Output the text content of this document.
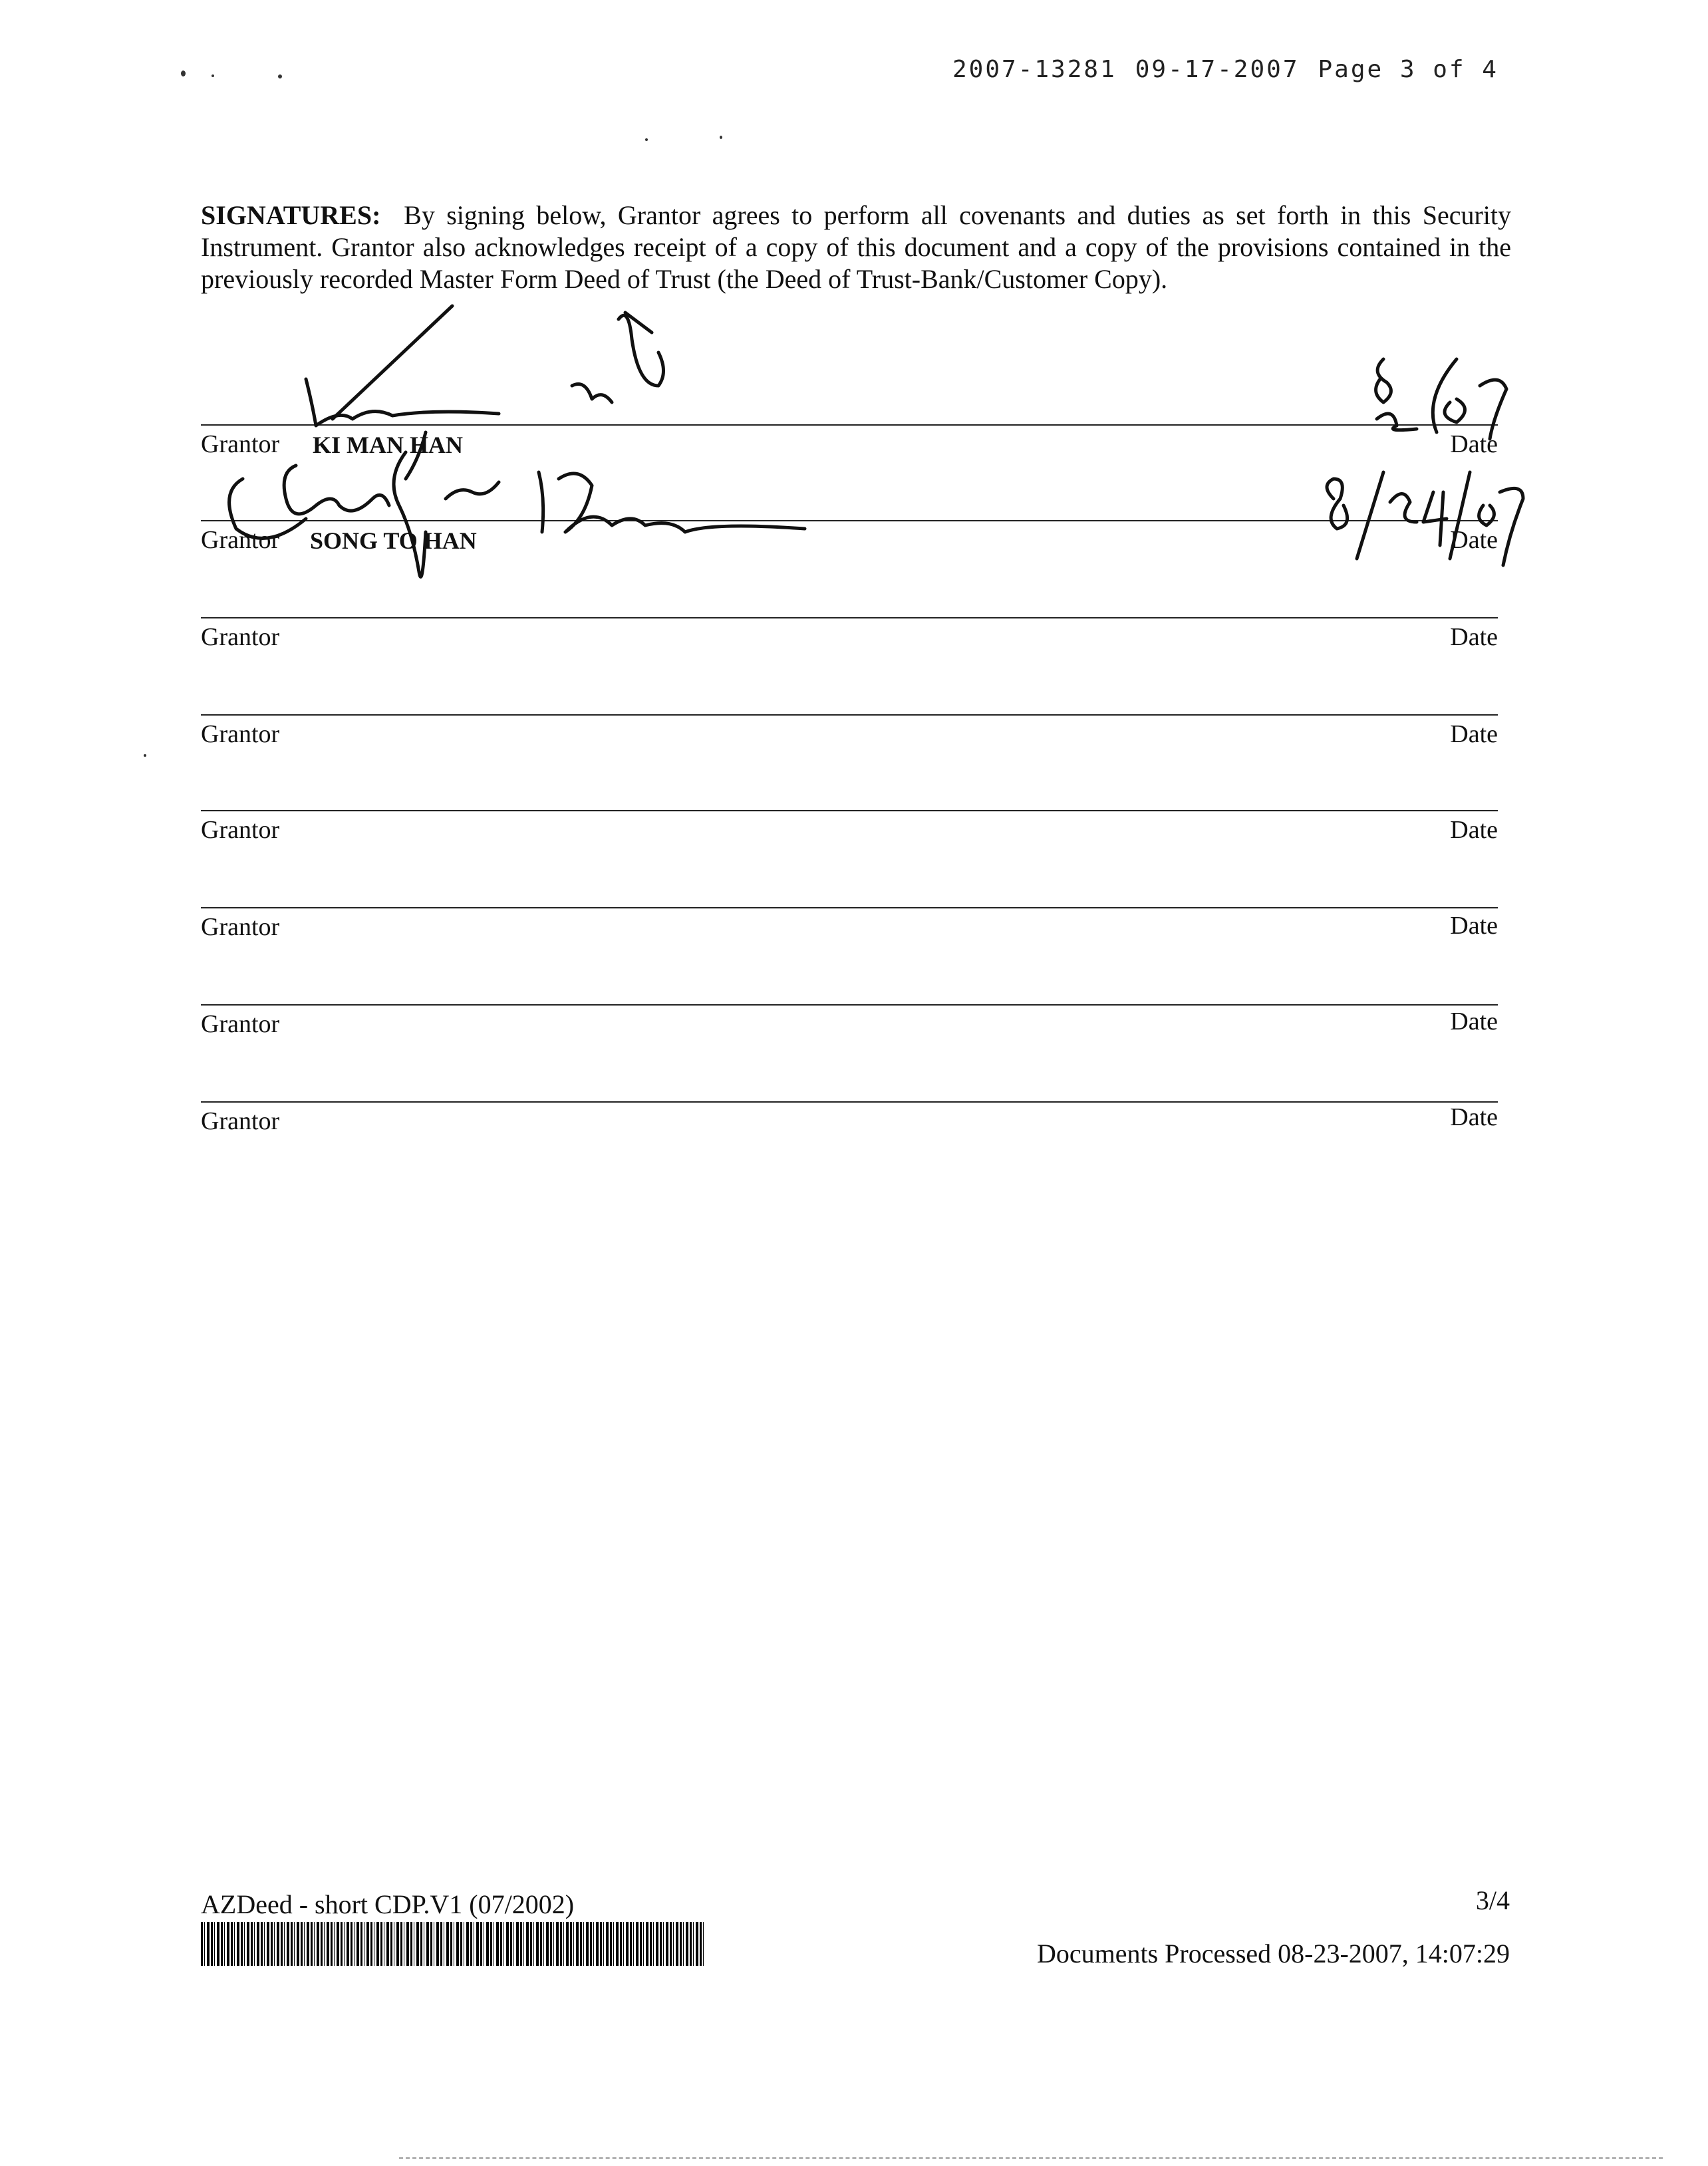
2007-13281 09-17-2007 Page 3 of 4
SIGNATURES: By signing below, Grantor agrees to perform all covenants and duties as set forth in this Security Instrument. Grantor also acknowledges receipt of a copy of this document and a copy of the provisions contained in the previously recorded Master Form Deed of Trust (the Deed of Trust-Bank/Customer Copy).
Grantor KI MAN HAN	Date
Grantor SONG TO HAN	Date
Grantor	Date
Grantor	Date
Grantor	Date
Grantor	Date
Grantor	Date
Grantor	Date
AZDeed - short CDP.V1 (07/2002)	3/4
Documents Processed 08-23-2007, 14:07:29
